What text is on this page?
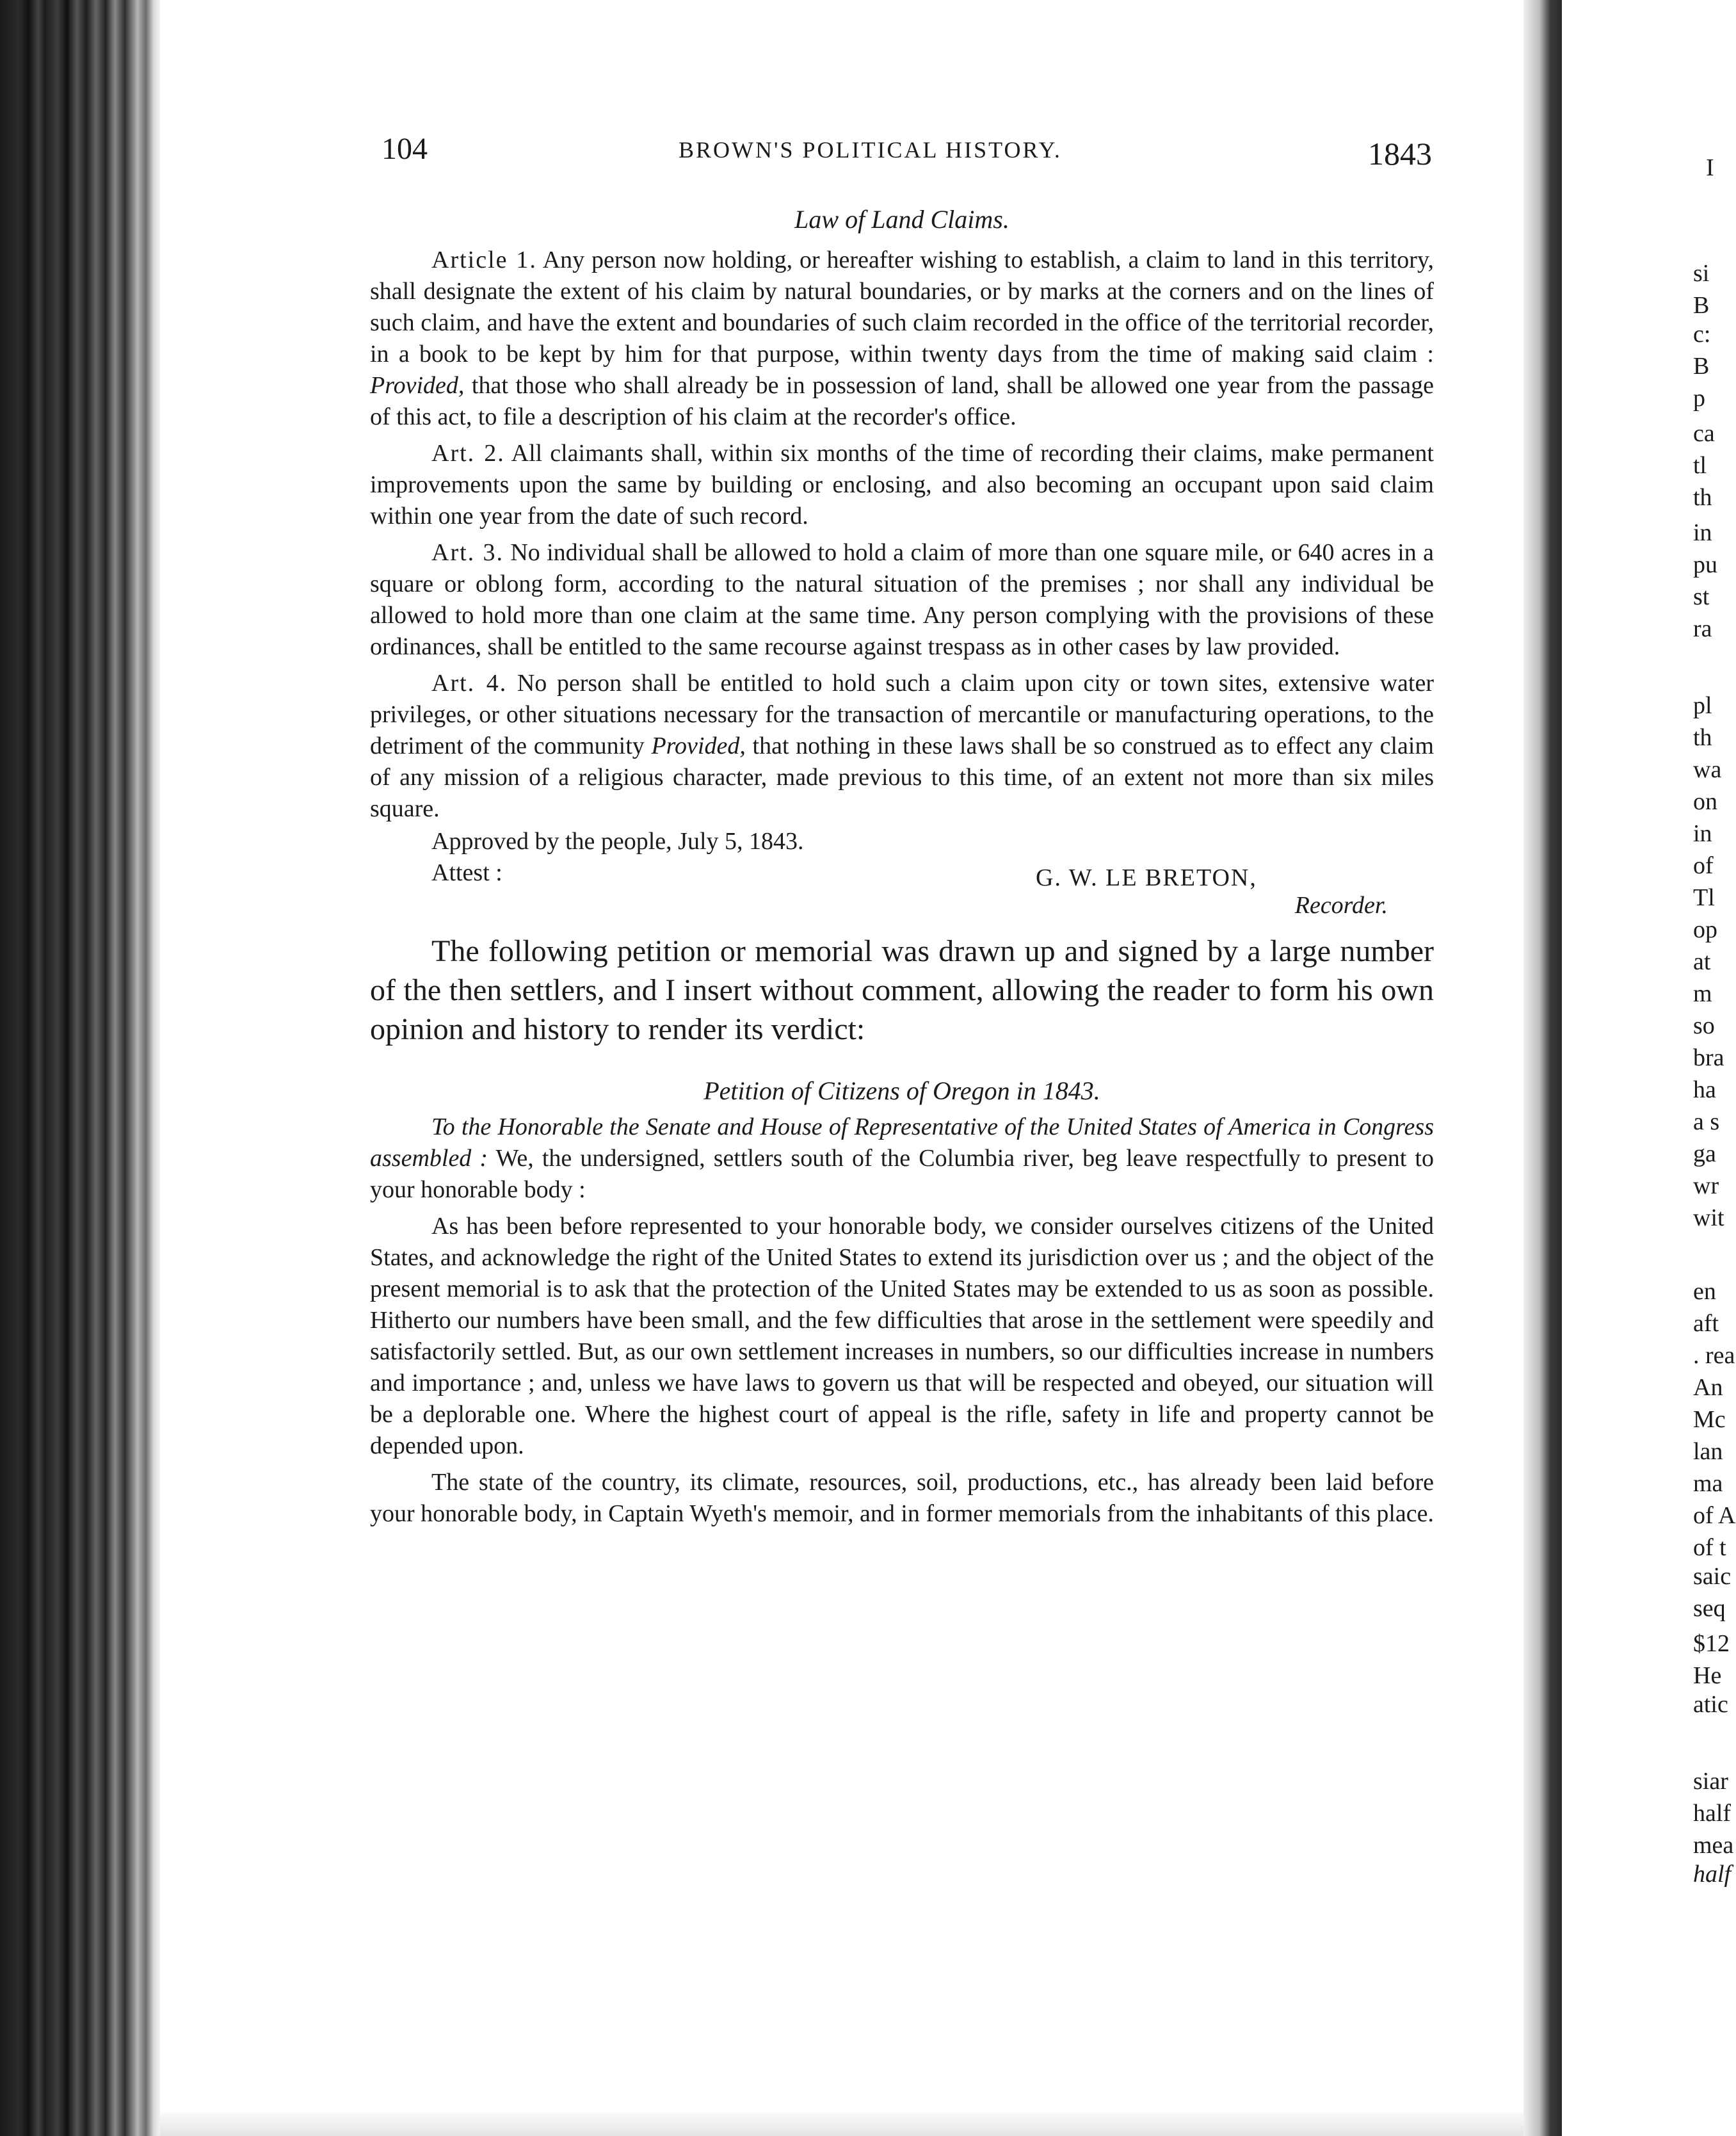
I
si
B
c:
B
p
ca
tl
th
in
pu
st
ra
pl
th
wa
on
in
of
Tl
op
at
m
so
bra
ha
a s
ga
wr
wit
en
aft
. rea
An
Mc
lan
ma
of A
of t
saic
seq
$12
He
atic
siar
half
mea
half
104	BROWN'S POLITICAL HISTORY.	1843
Law of Land Claims.

Article 1. Any person now holding, or hereafter wishing to establish, a claim to land in this territory, shall designate the extent of his claim by natural boundaries, or by marks at the corners and on the lines of such claim, and have the extent and boundaries of such claim recorded in the office of the territorial recorder, in a book to be kept by him for that purpose, within twenty days from the time of making said claim : Provided, that those who shall already be in possession of land, shall be allowed one year from the passage of this act, to file a description of his claim at the recorder's office.

Art. 2. All claimants shall, within six months of the time of recording their claims, make permanent improvements upon the same by building or enclosing, and also becoming an occupant upon said claim within one year from the date of such record.

Art. 3. No individual shall be allowed to hold a claim of more than one square mile, or 640 acres in a square or oblong form, according to the natural situation of the premises ; nor shall any individual be allowed to hold more than one claim at the same time. Any person complying with the provisions of these ordinances, shall be entitled to the same recourse against trespass as in other cases by law provided.

Art. 4. No person shall be entitled to hold such a claim upon city or town sites, extensive water privileges, or other situations necessary for the transaction of mercantile or manufacturing operations, to the detriment of the community Provided, that nothing in these laws shall be so construed as to effect any claim of any mission of a religious character, made previous to this time, of an extent not more than six miles square.

Approved by the people, July 5, 1843.
Attest :	G. W. LE BRETON,
Recorder.

The following petition or memorial was drawn up and signed by a large number of the then settlers, and I insert without comment, allowing the reader to form his own opinion and history to render its verdict:

Petition of Citizens of Oregon in 1843.

To the Honorable the Senate and House of Representative of the United States of America in Congress assembled : We, the undersigned, settlers south of the Columbia river, beg leave respectfully to present to your honorable body :

As has been before represented to your honorable body, we consider ourselves citizens of the United States, and acknowledge the right of the United States to extend its jurisdiction over us ; and the object of the present memorial is to ask that the protection of the United States may be extended to us as soon as possible. Hitherto our numbers have been small, and the few difficulties that arose in the settlement were speedily and satisfactorily settled. But, as our own settlement increases in numbers, so our difficulties increase in numbers and importance ; and, unless we have laws to govern us that will be respected and obeyed, our situation will be a deplorable one. Where the highest court of appeal is the rifle, safety in life and property cannot be depended upon.

The state of the country, its climate, resources, soil, productions, etc., has already been laid before your honorable body, in Captain Wyeth's memoir, and in former memorials from the inhabitants of this place.
